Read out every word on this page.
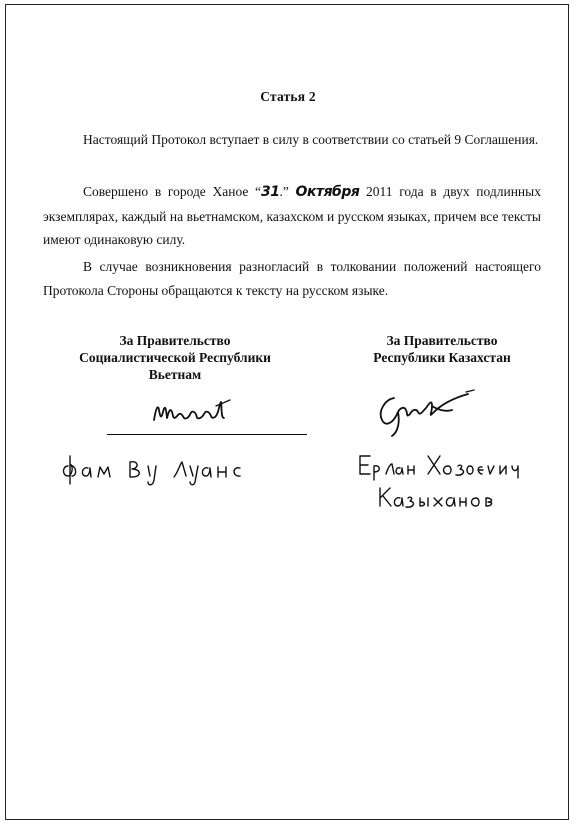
Статья 2
Настоящий Протокол вступает в силу в соответствии со статьей 9 Соглашения.
Совершено в городе Ханое “31.” Октября 2011 года в двух подлинных экземплярах, каждый на вьетнамском, казахском и русском языках, причем все тексты имеют одинаковую силу.
В случае возникновения разногласий в толковании положений настоящего Протокола Стороны обращаются к тексту на русском языке.
За Правительство
Социалистической Республики
Вьетнам
За Правительство
Республики Казахстан
